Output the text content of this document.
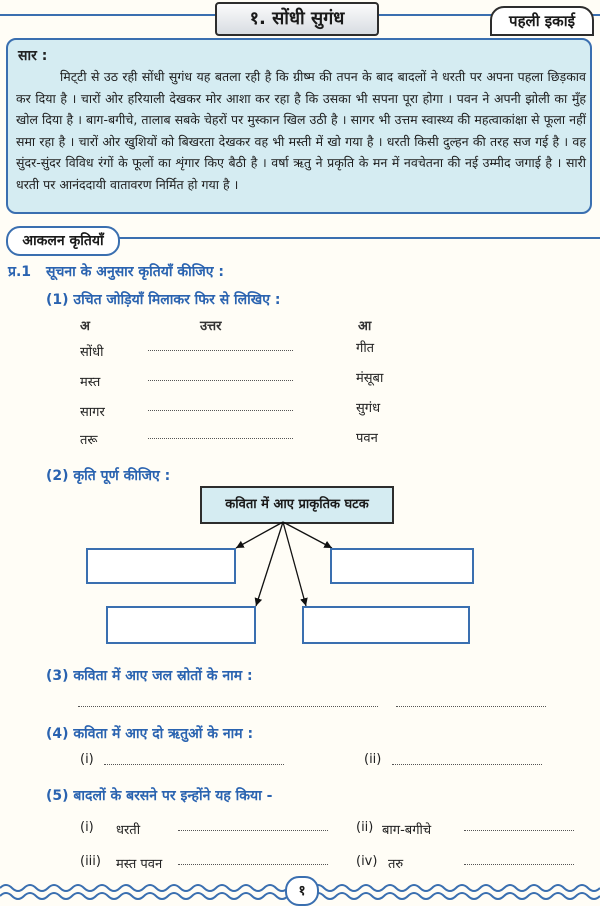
१. सोंधी सुगंध	पहली इकाई
सार :
मिट्‌टी से उठ रही सोंधी सुगंध यह बतला रही है कि ग्रीष्म की तपन के बाद बादलों ने धरती पर अपना पहला छिड़काव कर दिया है । चारों ओर हरियाली देखकर मोर आशा कर रहा है कि उसका भी सपना पूरा होगा । पवन ने अपनी झोली का मुँह खोल दिया है । बाग-बगीचे, तालाब सबके चेहरों पर मुस्कान खिल उठी है । सागर भी उत्तम स्वास्थ्य की महत्वाकांक्षा से फूला नहीं समा रहा है । चारों ओर खुशियों को बिखरता देखकर वह भी मस्ती में खो गया है । धरती किसी दुल्हन की तरह सज गई है । वह सुंदर-सुंदर विविध रंगों के फूलों का शृंगार किए बैठी है । वर्षा ऋतु ने प्रकृति के मन में नवचेतना की नई उम्मीद जगाई है । सारी धरती पर आनंददायी वातावरण निर्मित हो गया है ।
आकलन कृतियाँ
प्र.1 सूचना के अनुसार कृतियाँ कीजिए :
(1) उचित जोड़ियाँ मिलाकर फिर से लिखिए :
अ	उत्तर	आ
सोंधी	गीत
मस्त	मंसूबा
सागर	सुगंध
तरू	पवन
(2) कृति पूर्ण कीजिए :
कविता में आए प्राकृतिक घटक
(3) कविता में आए जल स्रोतों के नाम :
(4) कविता में आए दो ऋतुओं के नाम :
(i)	(ii)
(5) बादलों के बरसने पर इन्होंने यह किया -
(i) धरती	(ii) बाग-बगीचे
(iii) मस्त पवन	(iv) तरु
१
